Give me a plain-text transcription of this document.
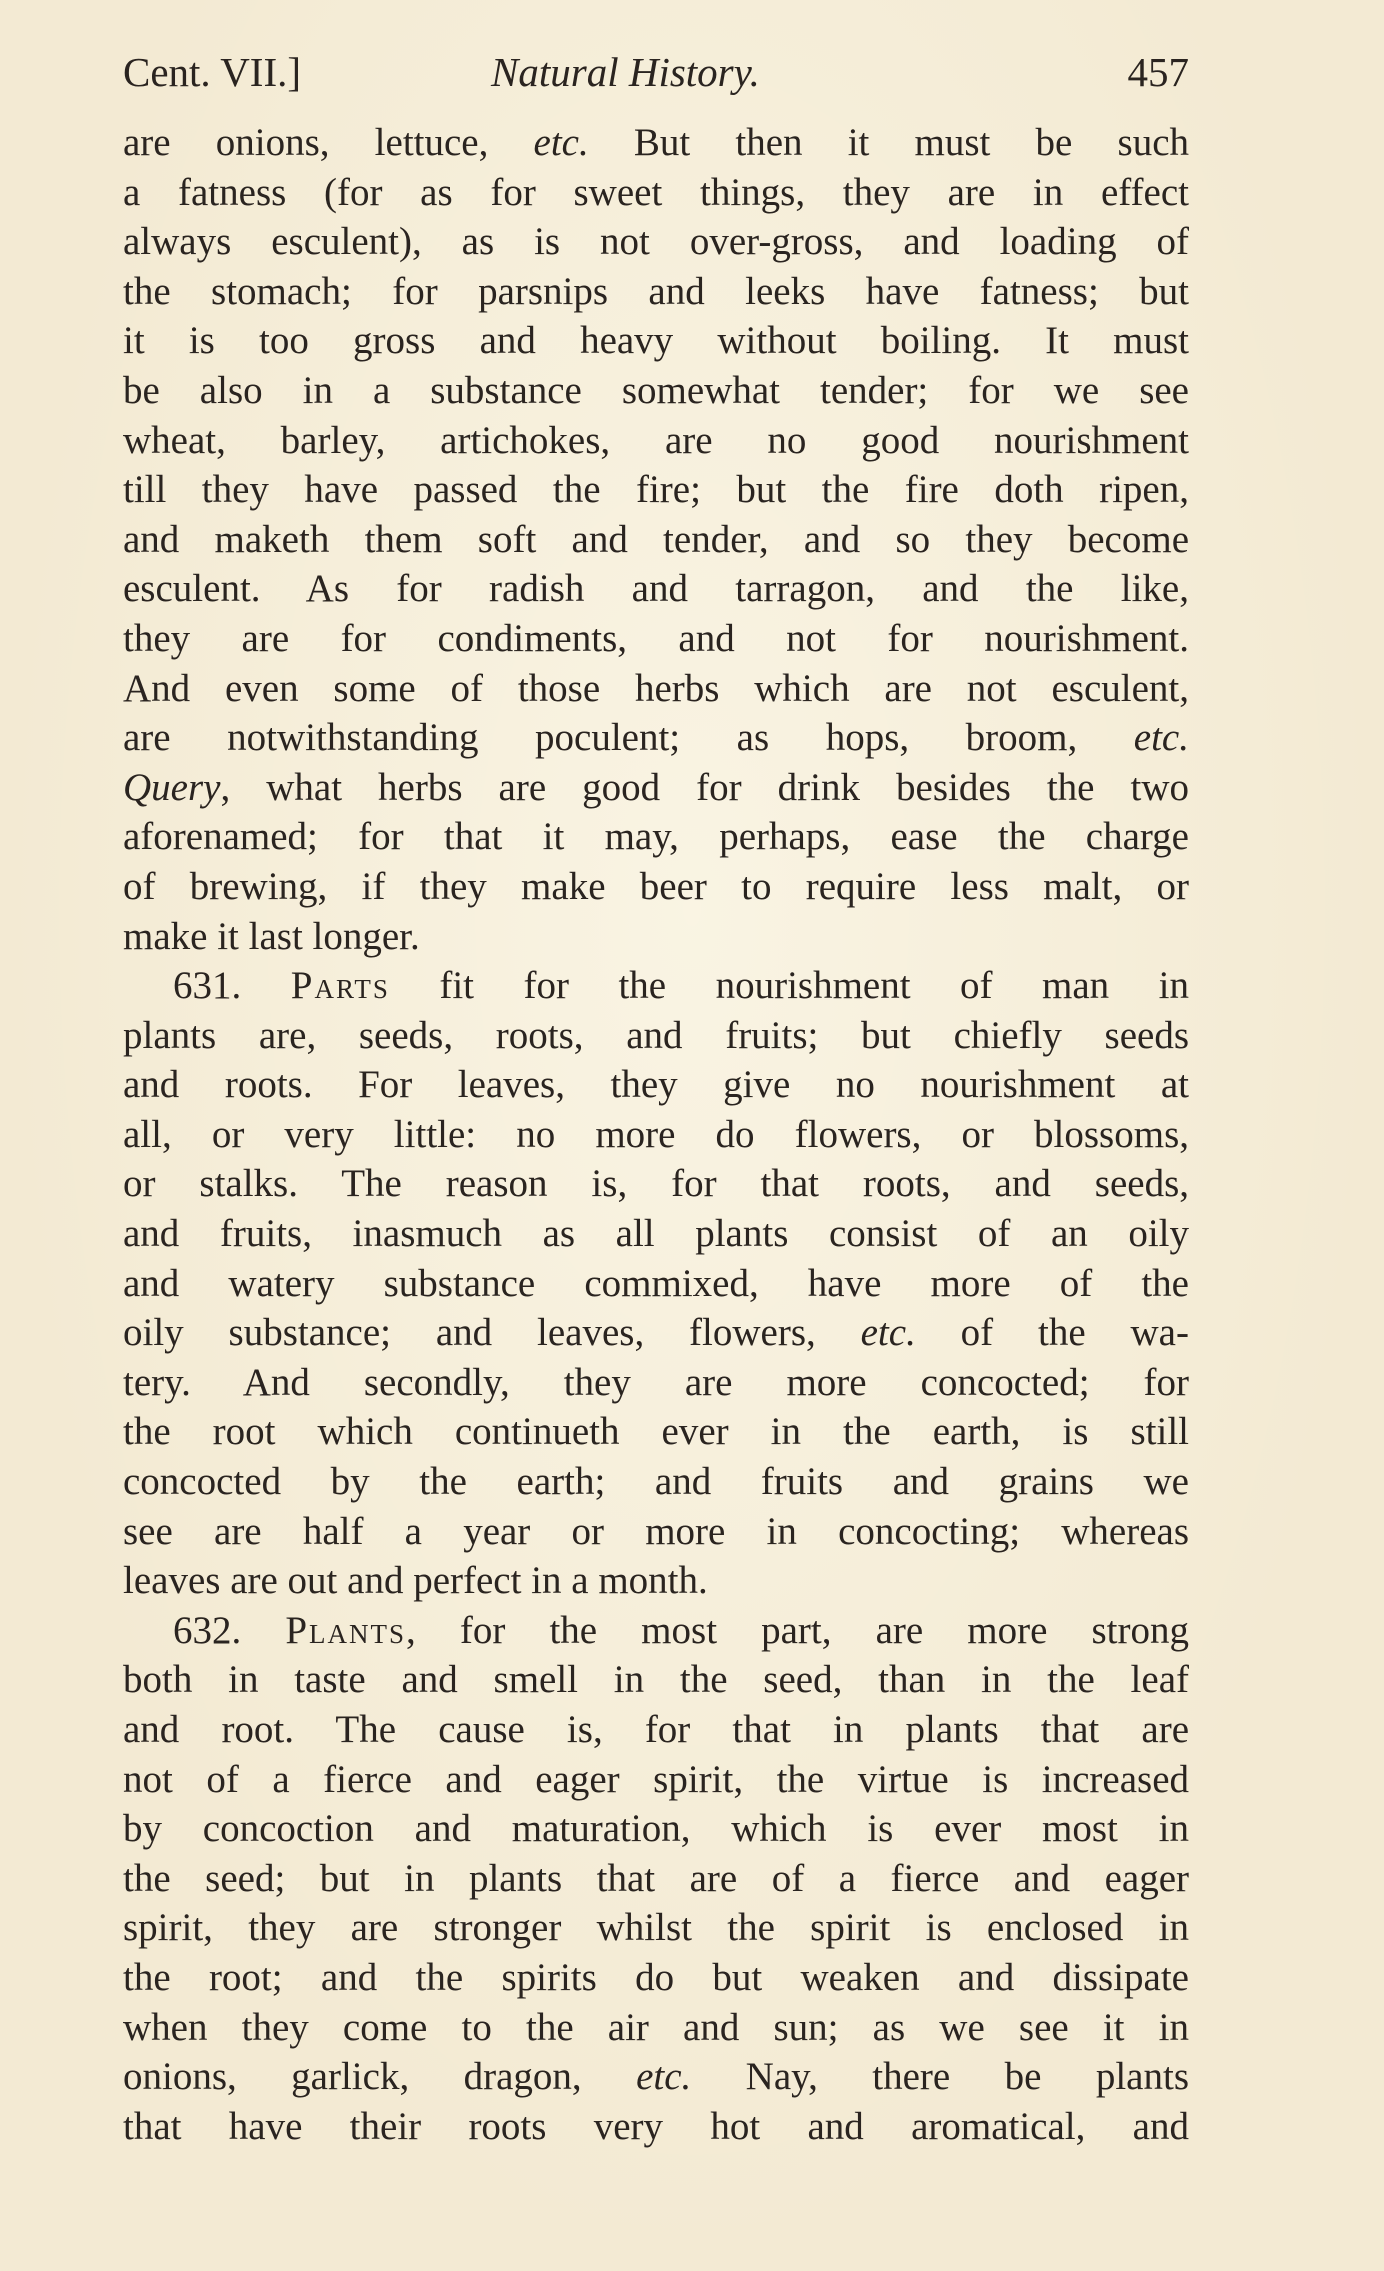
Cent. VII.]	Natural History.	457
are onions, lettuce, etc. But then it must be such
a fatness (for as for sweet things, they are in effect
always esculent), as is not over-gross, and loading of
the stomach; for parsnips and leeks have fatness; but
it is too gross and heavy without boiling. It must
be also in a substance somewhat tender; for we see
wheat, barley, artichokes, are no good nourishment
till they have passed the fire; but the fire doth ripen,
and maketh them soft and tender, and so they become
esculent. As for radish and tarragon, and the like,
they are for condiments, and not for nourishment.
And even some of those herbs which are not esculent,
are notwithstanding poculent; as hops, broom, etc.
Query, what herbs are good for drink besides the two
aforenamed; for that it may, perhaps, ease the charge
of brewing, if they make beer to require less malt, or
make it last longer.
631. Parts fit for the nourishment of man in
plants are, seeds, roots, and fruits; but chiefly seeds
and roots. For leaves, they give no nourishment at
all, or very little: no more do flowers, or blossoms,
or stalks. The reason is, for that roots, and seeds,
and fruits, inasmuch as all plants consist of an oily
and watery substance commixed, have more of the
oily substance; and leaves, flowers, etc. of the wa-
tery. And secondly, they are more concocted; for
the root which continueth ever in the earth, is still
concocted by the earth; and fruits and grains we
see are half a year or more in concocting; whereas
leaves are out and perfect in a month.
632. Plants, for the most part, are more strong
both in taste and smell in the seed, than in the leaf
and root. The cause is, for that in plants that are
not of a fierce and eager spirit, the virtue is increased
by concoction and maturation, which is ever most in
the seed; but in plants that are of a fierce and eager
spirit, they are stronger whilst the spirit is enclosed in
the root; and the spirits do but weaken and dissipate
when they come to the air and sun; as we see it in
onions, garlick, dragon, etc. Nay, there be plants
that have their roots very hot and aromatical, and
